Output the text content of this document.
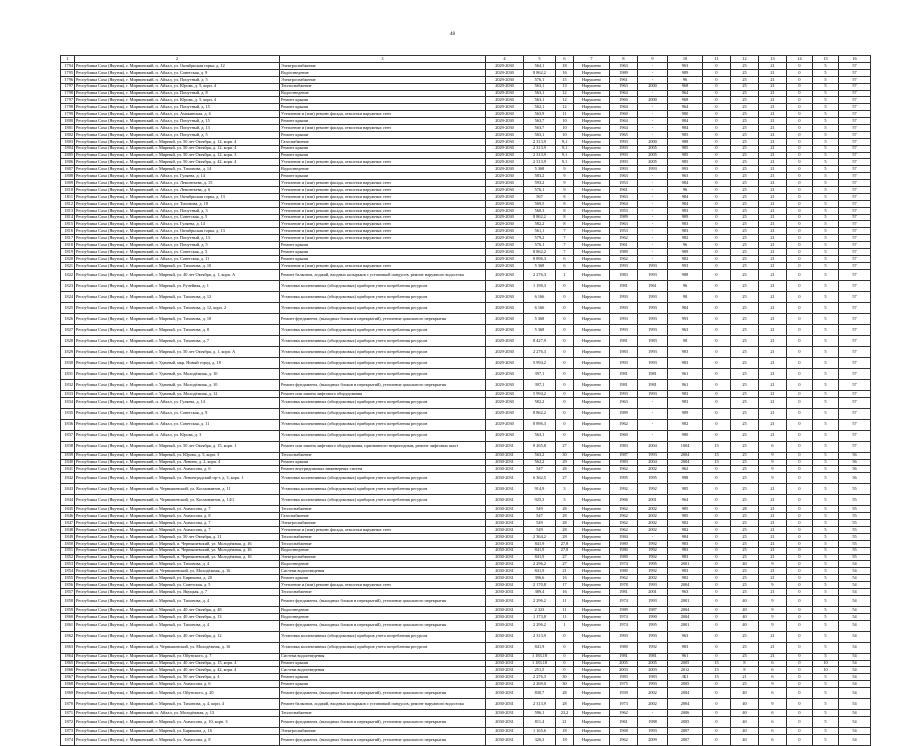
48
1	2	3	4	5	6	7	8	9	10	11	12	13	14	15	16
1794	Республика Саха (Якутия), г. Мирнинский, п. Айхал, ул. Октябрьская горка, д. 12	Электроснабжение	2029-2030	564,1	18	Нарушено	1963	-	963	0	25	21	0	5	57
1795	Республика Саха (Якутия), г. Мирнинский, п. Айхал, ул. Советская, д. 9	Водоотведение	2029-2030	8 862,2	16	Нарушено	1989	-	989	0	25	21	0	5	57
1796	Республика Саха (Якутия), г. Мирнинский, п. Айхал, ул. Попутный, д. 5	Электроснабжение	2029-2030	576,1	15	Нарушено	1961	-	96	0	25	21	0	5	57
1797	Республика Саха (Якутия), г. Мирнинский, п. Айхал, ул. Юрова, д. 5, корп. 4	Теплоснабжение	2029-2030	563,1	13	Нарушено	1963	2000	968	0	25	21	0	5	57
1798	Республика Саха (Якутия), г. Мирнинский, п. Айхал, ул. Попутный, д. 8	Водоотведение	2029-2030	563,1	12	Нарушено	1964	-	964	0	25	21	0	5	57
1797	Республика Саха (Якутия), г. Мирнинский, п. Айхал, ул. Юрова, д. 5, корп. 4	Ремонт крыши	2029-2030	563,1	12	Нарушено	1960	2000	968	0	25	21	0	5	57
1798	Республика Саха (Якутия), г. Мирнинский, п. Айхал, ул. Попутный, д. 15	Ремонт крыши	2029-2030	562,1	12	Нарушено	1964	-	964	0	25	21	0	5	57
1799	Республика Саха (Якутия), г. Мирнинский, п. Айхал, ул. Амакинская, д. 6	Утепление и (или) ремонт фасада, отмостки наружных стен	2029-2030	563,9	11	Нарушено	1960	-	980	0	25	21	0	5	57
1800	Республика Саха (Якутия), г. Мирнинский, п. Айхал, ул. Попутный, д. 15	Ремонт крыши	2029-2030	563,7	10	Нарушено	1964	-	984	0	25	21	0	5	57
1801	Республика Саха (Якутия), г. Мирнинский, п. Айхал, ул. Попутный, д. 13	Утепление и (или) ремонт фасада, отмостки наружных стен	2029-2030	563,7	10	Нарушено	1964	-	984	0	25	21	0	5	57
1802	Республика Саха (Якутия), г. Мирнинский, п. Айхал, ул. Попутный, д. 5	Ремонт крыши	2029-2030	563,1	10	Нарушено	1965	-	985	0	25	21	0	5	57
1803	Республика Саха (Якутия), г. Мирнинский, г. Мирный, ул. 50 лет Октября, д. 12, корп. 4	Газоснабжение	2029-2030	2 313,9	9,1	Нарушено	1993	2000	988	0	25	21	0	5	57
1804	Республика Саха (Якутия), г. Мирнинский, г. Мирный, ул. 50 лет Октября, д. 12, корп. 4	Ремонт крыши	2029-2030	2 313,9	9,1	Нарушено	1993	2005	985	0	25	21	0	5	57
1805	Республика Саха (Якутия), г. Мирнинский, г. Мирный, ул. 50 лет Октября, д. 12, корп. 3	Ремонт крыши	2029-2030	2 313,9	9,1	Нарушено	1993	2005	985	0	25	21	0	5	57
1806	Республика Саха (Якутия), г. Мирнинский, г. Мирный, ул. 50 лет Октября, д. 42, корп. 4	Утепление и (или) ремонт фасада, отмостки наружных стен	2029-2030	2 313,9	9,1	Нарушено	1993	2005	985	0	25	21	0	5	57
1807	Республика Саха (Якутия), г. Мирнинский, г. Мирный, ул. Тихонова, д. 14	Водоотведение	2029-2030	5 368	9	Нарушено	1993	1993	993	0	25	21	0	5	57
1808	Республика Саха (Якутия), г. Мирнинский, п. Айхал, ул. Гуляева, д. 14	Ремонт крыши	2029-2030	583,2	9	Нарушено	1963	-	963	0	25	21	0	5	57
1809	Республика Саха (Якутия), г. Мирнинский, п. Айхал, ул. Лемонтьева, д. 15	Утепление и (или) ремонт фасада, отмостки наружных стен	2029-2030	593,2	9	Нарушено	1953	-	984	0	25	21	0	5	57
1810	Республика Саха (Якутия), г. Мирнинский, п. Айхал, ул. Лемонтьева, д. 6	Утепление и (или) ремонт фасада, отмостки наружных стен	2029-2030	576,1	9	Нарушено	1961	-	96	0	25	21	0	5	57
1811	Республика Саха (Якутия), г. Мирнинский, п. Айхал, ул. Октябрьская горка, д. 13	Утепление и (или) ремонт фасада, отмостки наружных стен	2029-2030	567	8	Нарушено	1963	-	984	0	25	21	0	5	57
1812	Республика Саха (Якутия), г. Мирнинский, п. Айхал, ул. Тихонова, д. 10	Утепление и (или) ремонт фасада, отмостки наружных стен	2029-2030	569,5	8	Нарушено	1964	-	984	0	25	21	0	5	57
1813	Республика Саха (Якутия), г. Мирнинский, п. Айхал, ул. Попутный, д. 3	Утепление и (или) ремонт фасада, отмостки наружных стен	2029-2030	568,3	8	Нарушено	1953	-	983	0	25	21	0	5	57
1814	Республика Саха (Якутия), г. Мирнинский, п. Айхал, ул. Советская, д. 5	Утепление и (или) ремонт фасада, отмостки наружных стен	2029-2030	8 862,2	8	Нарушено	1989	-	989	0	25	21	0	5	57
1815	Республика Саха (Якутия), г. Мирнинский, п. Айхал, ул. Гуляева, д. 14	Утепление и (или) ремонт фасада, отмостки наружных стен	2029-2030	582,2	8	Нарушено	1963	-	983	0	25	21	0	5	57
1816	Республика Саха (Якутия), г. Мирнинский, п. Айхал, ул. Октябрьская горка, д. 13	Утепление и (или) ремонт фасада, отмостки наружных стен	2029-2030	561,1	7	Нарушено	1953	-	983	0	25	21	0	5	57
1817	Республика Саха (Якутия), г. Мирнинский, п. Айхал, ул. Попутный, д. 13	Утепление и (или) ремонт фасада, отмостки наружных стен	2029-2030	579,2	7	Нарушено	1962	-	982	0	25	21	0	5	57
1818	Республика Саха (Якутия), г. Мирнинский, п. Айхал, ул. Попутный, д. 5	Ремонт крыши	2029-2030	576,1	7	Нарушено	1961	-	96	0	25	21	0	5	57
1819	Республика Саха (Якутия), г. Мирнинский, п. Айхал, ул. Советская, д. 5	Ремонт крыши	2029-2030	8 862,2	7	Нарушено	1989	-	989	0	25	21	0	5	57
1820	Республика Саха (Якутия), г. Мирнинский, п. Айхал, ул. Советская, д. 11	Ремонт крыши	2029-2030	8 896,3	6	Нарушено	1962	-	982	0	25	21	0	5	57
1821	Республика Саха (Якутия), г. Мирнинский, г. Мирный, ул. Тихонова, д. 10	Утепление и (или) ремонт фасада, отмостки наружных стен	2029-2030	5 368	6	Нарушено	1993	1993	993	0	25	21	0	5	57
1822	Республика Саха (Якутия), г. Мирнинский, г. Мирный, ул. 40 лет Октября, д. 1, корп. А	Ремонт балконов, лоджий, входных козырьков с установкой пандусов, ремонт наружного водостока	2029-2030	2 276,3	1	Нарушено	1983	1993	988	0	25	21	0	5	57
1823	Республика Саха (Якутия), г. Мирнинский, г. Мирный, ул. Ручейная, д. 1	Установка коллективных (общедомовых) приборов учета потребления ресурсов	2029-2030	1 198,3	0	Нарушено	1981	1961	96	0	25	21	0	5	57
1824	Республика Саха (Якутия), г. Мирнинский, г. Мирный, ул. Тихонова, д. 12	Установка коллективных (общедомовых) приборов учета потребления ресурсов	2029-2030	6 166	0	Нарушено	1993	1993	98	0	25	21	0	5	57
1825	Республика Саха (Якутия), г. Мирнинский, г. Мирный, ул. Тихонова, д. 12, корп. 2	Установка коллективных (общедомовых) приборов учета потребления ресурсов	2029-2030	6 166	0	Нарушено	1993	1993	984	0	25	21	0	5	57
1826	Республика Саха (Якутия), г. Мирнинский, г. Мирный, ул. Тихонова, д. 10	Ремонт фундамента, (выходных блоков и перекрытий), утепление цокольного перекрытия	2029-2030	5 368	0	Нарушено	1993	1993	993	0	25	21	0	5	57
1827	Республика Саха (Якутия), г. Мирнинский, г. Мирный, ул. Тихонова, д. 8	Установка коллективных (общедомовых) приборов учета потребления ресурсов	2029-2030	5 368	0	Нарушено	1993	1993	963	0	25	21	0	5	57
1828	Республика Саха (Якутия), г. Мирнинский, г. Мирный, ул. Тихонова, д. 7	Установка коллективных (общедомовых) приборов учета потребления ресурсов	2029-2030	8 427,9	0	Нарушено	1981	1983	98	0	25	21	0	5	57
1829	Республика Саха (Якутия), г. Мирнинский, г. Мирный, ул. 50 лет Октября, д. 1, корп. А	Установка коллективных (общедомовых) приборов учета потребления ресурсов	2029-2030	2 276,3	0	Нарушено	1983	1993	983	0	25	21	0	5	57
1830	Республика Саха (Якутия), г. Мирнинский, г. Удачный, мкр. Новый город, д. 18	Установка коллективных (общедомовых) приборов учета потребления ресурсов	2029-2030	5 994,2	0	Нарушено	1993	1993	983	0	25	21	0	5	57
1831	Республика Саха (Якутия), г. Мирнинский, г. Удачный, ул. Молодёжная, д. 10	Установка коллективных (общедомовых) приборов учета потребления ресурсов	2029-2030	397,1	0	Нарушено	1981	1981	961	0	25	21	0	5	57
1832	Республика Саха (Якутия), г. Мирнинский, г. Удачный, ул. Молодёжная, д. 10	Ремонт фундамента, (выходных блоков и перекрытий), утепление цокольного перекрытия	2029-2030	397,1	0	Нарушено	1981	1981	961	0	25	21	0	5	57
1833	Республика Саха (Якутия), г. Мирнинский, г. Удачный, ул. Молодёжная, д. 12	Ремонт или замена лифтового оборудования	2029-2030	5 994,2	0	Нарушено	1993	1993	983	0	25	21	0	5	57
1834	Республика Саха (Якутия), г. Мирнинский, п. Айхал, ул. Гуляева, д. 14	Установка коллективных (общедомовых) приборов учета потребления ресурсов	2029-2030	582,2	0	Нарушено	1963	-	983	0	25	21	0	5	57
1835	Республика Саха (Якутия), г. Мирнинский, п. Айхал, ул. Советская, д. 9	Установка коллективных (общедомовых) приборов учета потребления ресурсов	2029-2030	8 862,2	0	Нарушено	1989	-	989	0	25	21	0	5	57
1836	Республика Саха (Якутия), г. Мирнинский, п. Айхал, ул. Советская, д. 11	Установка коллективных (общедомовых) приборов учета потребления ресурсов	2029-2030	8 896,3	0	Нарушено	1962	-	982	0	25	21	0	5	57
1837	Республика Саха (Якутия), г. Мирнинский, п. Айхал, ул. Юрова, д. 3	Установка коллективных (общедомовых) приборов учета потребления ресурсов	2029-2030	563,1	0	Нарушено	1960	-	980	0	25	21	0	5	57
1838	Республика Саха (Якутия), г. Мирнинский, г. Мирный, ул. 50 лет Октября, д. 15, корп. 1	Ремонт или замена лифтового оборудования, признанного непригодным, ремонт лифтовых шахт	2030-2031	8 265,8	27	Нарушено	1983	2004	1004	15	25	6	0	5	57
1839	Республика Саха (Якутия), г. Мирнинский, г. Мирный, ул. Юрова, д. 5, корп. 3	Теплоснабжение	2030-2031	563,2	30	Нарушено	1987	1993	2004	15	25	9	0	5	56
1840	Республика Саха (Якутия), г. Мирнинский, г. Мирный, ул. Ленина, д. 2, корп. 4	Ремонт крыши	2030-2031	562,2	29	Нарушено	1983	2004	2004	15	25	9	0	5	56
1841	Республика Саха (Якутия), г. Мирнинский, г. Мирный, ул. Аммосова, д. 6	Ремонт внутридомовых инженерных систем	2030-2031	547	28	Нарушено	1962	2002	962	0	25	9	0	5	56
1842	Республика Саха (Якутия), г. Мирнинский, г. Мирный, ул. Ленинградский пр-т, д. 3, корп. 1	Установка коллективных (общедомовых) приборов учета потребления ресурсов	2030-2031	6 362,5	27	Нарушено	1995	1995	998	0	25	9	0	5	56
1843	Республика Саха (Якутия), г. Мирнинский, п. Чернышевский, ул. Космонавтов, д. 11	Установка коллективных (общедомовых) приборов учета потребления ресурсов	2030-2031	914,9	3	Нарушено	1992	1992	985	0	25	21	0	5	55
1844	Республика Саха (Якутия), г. Мирнинский, п. Чернышевский, ул. Космонавтов, д. 14/1	Установка коллективных (общедомовых) приборов учета потребления ресурсов	2030-2031	925,3	3	Нарушено	1966	2001	964	0	25	21	0	5	55
1845	Республика Саха (Якутия), г. Мирнинский, г. Мирный, ул. Аммосова, д. 7	Теплоснабжение	2030-2031	549	28	Нарушено	1962	2002	985	0	28	21	0	5	55
1846	Республика Саха (Якутия), г. Мирнинский, г. Мирный, ул. Аммосова, д. 8	Газоснабжение	2030-2031	547	28	Нарушено	1962	2002	985	0	25	21	0	5	55
1847	Республика Саха (Якутия), г. Мирнинский, г. Мирный, ул. Аммосова, д. 7	Электроснабжение	2030-2031	549	28	Нарушено	1962	2002	982	0	25	21	0	5	55
1848	Республика Саха (Якутия), г. Мирнинский, г. Мирный, ул. Аммосова, д. 7	Утепление и (или) ремонт фасада, отмостки наружных стен	2030-2031	549	28	Нарушено	1962	2002	982	0	25	21	0	5	55
1849	Республика Саха (Якутия), г. Мирнинский, г. Мирный, ул. 50 лет Октября, д. 11	Теплоснабжение	2030-2031	2 364,2	28	Нарушено	1984	-	984	0	25	21	0	5	55
1850	Республика Саха (Якутия), г. Мирнинский, г. Мирный, п. Чернышевский, ул. Молодёжная, д. 16	Теплоснабжение	2030-2031	841,9	27,8	Нарушено	1980	1992	983	0	25	21	0	5	55
1851	Республика Саха (Якутия), г. Мирнинский, г. Мирный, п. Чернышевский, ул. Молодёжная, д. 16	Водоотведение	2030-2031	841,9	27,8	Нарушено	1980	1992	983	0	25	21	0	5	55
1852	Республика Саха (Якутия), г. Мирнинский, г. Мирный, п. Чернышевский, ул. Молодёжная, д. 16	Электроснабжение	2030-2031	841,9	27	Нарушено	1980	1992	983	0	25	21	0	5	55
1853	Республика Саха (Якутия), г. Мирнинский, г. Мирный, ул. Тихонова, д. 4	Водоотведение	2030-2031	2 296,2	27	Нарушено	1974	1995	2001	0	40	9	0	5	54
1854	Республика Саха (Якутия), г. Мирнинский, п. Чернышевский, ул. Молодёжная, д. 16	Система водоотведения	2030-2031	841,9	21	Нарушено	1980	1992	983	0	25	21	0	5	54
1855	Республика Саха (Якутия), г. Мирнинский, г. Мирный, ул. Бирюкова, д. 20	Ремонт крыши	2030-2031	396,6	16	Нарушено	1962	2002	982	0	25	21	0	5	54
1856	Республика Саха (Якутия), г. Мирнинский, г. Мирный, ул. Советская, д. 5	Утепление и (или) ремонт фасада, отмостки наружных стен	2030-2031	2 170,8	17	Нарушено	1978	1993	2004	0	25	9	0	5	54
1857	Республика Саха (Якутия), г. Мирнинский, г. Мирный, ул. Якуцкая, д. 7	Теплоснабжение	2030-2031	389,4	16	Нарушено	1981	2001	963	0	25	21	0	5	54
1858	Республика Саха (Якутия), г. Мирнинский, г. Мирный, ул. Тихонова, д. 4	Ремонт фундамента, (выходных блоков и перекрытий), утепление цокольного перекрытия	2030-2031	2 296,2	11	Нарушено	1974	1993	2001	0	40	9	0	5	54
1859	Республика Саха (Якутия), г. Мирнинский, г. Мирный, ул. 40 лет Октября, д. 48	Водоотведение	2030-2031	2 323	11	Нарушено	1989	1987	2004	0	40	9	0	5	54
1860	Республика Саха (Якутия), г. Мирнинский, г. Мирный, ул. 40 лет Октября, д. 13	Водоотведение	2030-2031	1 173,8	11	Нарушено	1974	1990	2004	0	40	9	0	5	54
1861	Республика Саха (Якутия), г. Мирнинский, г. Мирный, ул. Тихонова, д. 4	Ремонт фундамента, (выходных блоков и перекрытий), утепление цокольного перекрытия	2030-2031	2 296,2	1	Нарушено	1974	1995	2001	0	40	9	0	5	54
1862	Республика Саха (Якутия), г. Мирнинский, г. Мирный, ул. 40 лет Октября, д. 12	Установка коллективных (общедомовых) приборов учета потребления ресурсов	2030-2031	2 313,9	0	Нарушено	1993	1993	963	0	25	21	0	5	54
1863	Республика Саха (Якутия), г. Мирнинский, п. Чернышевский, ул. Молодёжная, д. 16	Установка коллективных (общедомовых) приборов учета потребления ресурсов	2030-2031	841,9	0	Нарушено	1980	1992	983	0	25	21	0	5	54
1864	Республика Саха (Якутия), г. Мирнинский, г. Мирный, ул. Ойунского, д. 7	Система водоотведения	2030-2031	1 183,18	0	Нарушено	1981	1981	961	0	25	21	0	5	54
1865	Республика Саха (Якутия), г. Мирнинский, г. Мирный, ул. 40 лет Октября, д. 15, корп. 4	Ремонт крыши	2030-2031	1 183,18	0	Нарушено	2005	2005	2005	15	8	6	0	10	54
1866	Республика Саха (Якутия), г. Мирнинский, г. Мирный, ул. 40 лет Октября, д. 42, корп. 4	Система водоотведения	2030-2031	251,5	0	Нарушено	2003	2003	2012	15	8	6	0	10	54
1867	Республика Саха (Якутия), г. Мирнинский, г. Мирный, ул. 50 лет Октября, д. 4	Ремонт крыши	2030-2031	2 276,3	30	Нарушено	1983	1983	3Б1	15	21	6	0	5	54
1868	Республика Саха (Якутия), г. Мирнинский, г. Мирный, ул. Аммосова, д. 6	Ремонт крыши	2030-2031	2 269,0	30	Нарушено	1975	1993	2005	0	25	9	0	5	54
1869	Республика Саха (Якутия), г. Мирнинский, г. Мирный, ул. Ойунского, д. 20	Ремонт фундамента, (выходных блоков и перекрытий), утепление цокольного перекрытия	2030-2031	830,7	28	Нарушено	1939	2002	2004	0	40	6	0	5	54
1870	Республика Саха (Якутия), г. Мирнинский, г. Мирный, ул. Тихонова, д. 4, корп. 4	Ремонт балконов, лоджий, входных козырьков с установкой пандусов, ремонт наружного водостока	2030-2031	2 313,9	28	Нарушено	1973	2002	2004	0	40	9	0	5	54
1871	Республика Саха (Якутия), г. Мирнинский, п. Айхал, ул. Молодёжная, д. 13	Теплоснабжение	2030-2031	596,1	23,2	Нарушено	1962	-	2006	0	40	6	0	5	54
1872	Республика Саха (Якутия), г. Мирнинский, г. Мирный, ул. Аммосова, д. 10, корп. 3	Ремонт фундамента, (выходных блоков и перекрытий), утепление цокольного перекрытия	2030-2031	811,4	21	Нарушено	1961	1988	2005	0	40	6	0	5	54
1873	Республика Саха (Якутия), г. Мирнинский, г. Мирный, ул. Бирюкова, д. 16	Электроснабжение	2030-2031	1 165,6	18	Нарушено	1968	1993	2007	0	40	6	0	5	54
1874	Республика Саха (Якутия), г. Мирнинский, г. Мирный, ул. Аммосова, д. 8	Ремонт фундамента, (выходных блоков и перекрытий), утепление цокольного перекрытия	2030-2031	326,3	18	Нарушено	1962	2009	2007	0	40	6	0	5	54
